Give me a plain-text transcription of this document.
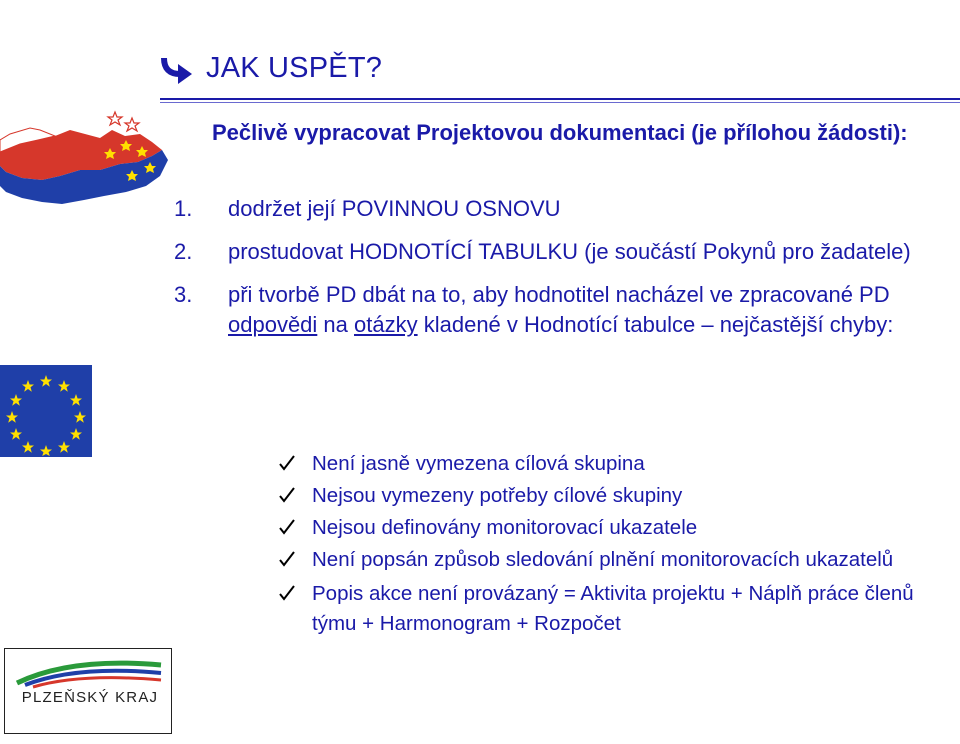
JAK USPĚT?
Pečlivě vypracovat Projektovou dokumentaci (je přílohou žádosti):
1.	dodržet její POVINNOU OSNOVU
2.	prostudovat HODNOTÍCÍ TABULKU (je součástí Pokynů pro žadatele)
3.	při tvorbě PD dbát na to, aby hodnotitel nacházel ve zpracované PD odpovědi na otázky kladené v Hodnotící tabulce – nejčastější chyby:
Není jasně vymezena cílová skupina
Nejsou vymezeny potřeby cílové skupiny
Nejsou definovány monitorovací ukazatele
Není popsán způsob sledování plnění monitorovacích ukazatelů
Popis akce není provázaný = Aktivita projektu + Náplň práce členů týmu + Harmonogram + Rozpočet
PLZEŇSKÝ KRAJ
